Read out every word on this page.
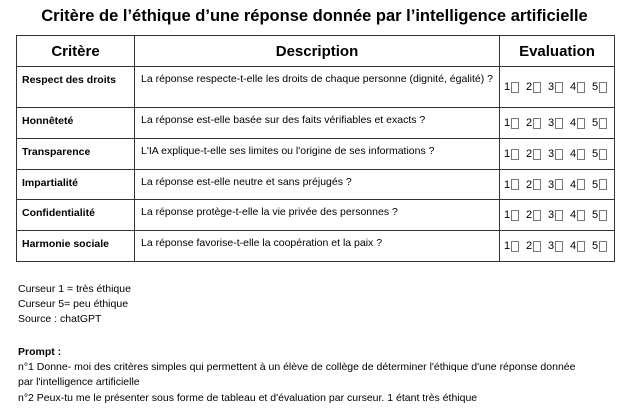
Critère de l’éthique d’une réponse donnée par l’intelligence artificielle
Critère	Description	Evaluation
Respect des droits	La réponse respecte-t-elle les droits de chaque personne (dignité, égalité) ?	1 2 3 4 5

Honnêteté	La réponse est-elle basée sur des faits vérifiables et exacts ?	1 2 3 4 5

Transparence	L'IA explique-t-elle ses limites ou l'origine de ses informations ?	1 2 3 4 5

Impartialité	La réponse est-elle neutre et sans préjugés ?	1 2 3 4 5

Confidentialité	La réponse protège-t-elle la vie privée des personnes ?	1 2 3 4 5

Harmonie sociale	La réponse favorise-t-elle la coopération et la paix ?	1 2 3 4 5
Curseur 1 = très éthique
Curseur 5= peu éthique
Source : chatGPT
Prompt :
n°1 Donne- moi des critères simples qui permettent à un élève de collège de déterminer l'éthique d'une réponse donnée
par l'intelligence artificielle
n°2 Peux-tu me le présenter sous forme de tableau et d'évaluation par curseur. 1 étant très éthique
